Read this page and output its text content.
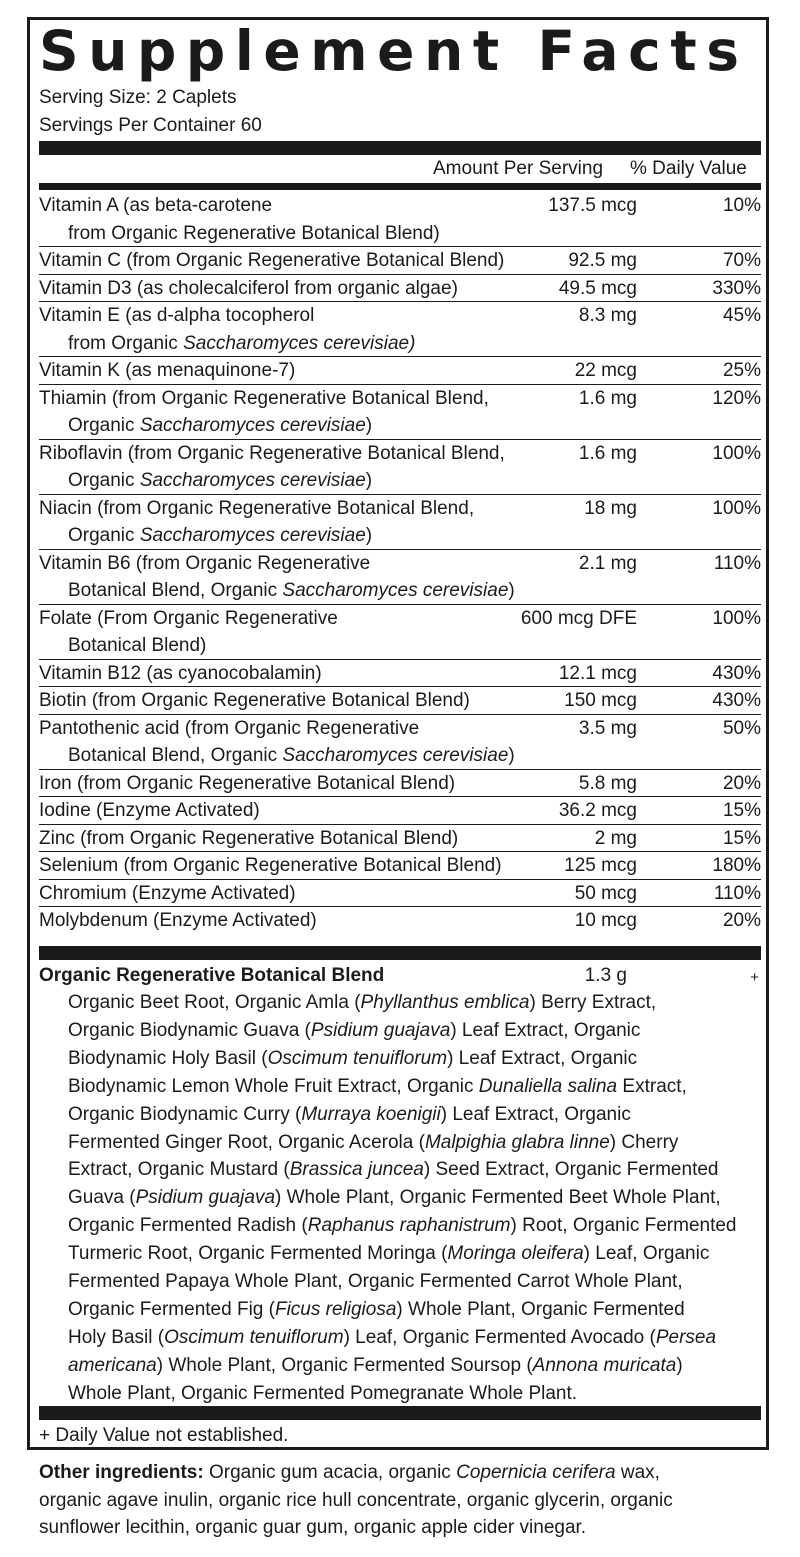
Supplement Facts
Serving Size: 2 Caplets
Servings Per Container 60
Amount Per Serving % Daily Value
Vitamin A (as beta-carotene
from Organic Regenerative Botanical Blend)
137.5 mcg	10%
Vitamin C (from Organic Regenerative Botanical Blend)	92.5 mg	70%
Vitamin D3 (as cholecalciferol from organic algae)	49.5 mcg	330%
Vitamin E (as d-alpha tocopherol
from Organic Saccharomyces cerevisiae)
8.3 mg	45%
Vitamin K (as menaquinone-7)	22 mcg	25%
Thiamin (from Organic Regenerative Botanical Blend,
Organic Saccharomyces cerevisiae)
1.6 mg	120%
Riboflavin (from Organic Regenerative Botanical Blend,
Organic Saccharomyces cerevisiae)
1.6 mg	100%
Niacin (from Organic Regenerative Botanical Blend,
Organic Saccharomyces cerevisiae)
18 mg	100%
Vitamin B6 (from Organic Regenerative
Botanical Blend, Organic Saccharomyces cerevisiae)
2.1 mg	110%
Folate (From Organic Regenerative
Botanical Blend)
600 mcg DFE	100%
Vitamin B12 (as cyanocobalamin)	12.1 mcg	430%
Biotin (from Organic Regenerative Botanical Blend)	150 mcg	430%
Pantothenic acid (from Organic Regenerative
Botanical Blend, Organic Saccharomyces cerevisiae)
3.5 mg	50%
Iron (from Organic Regenerative Botanical Blend)	5.8 mg	20%
Iodine (Enzyme Activated)	36.2 mcg	15%
Zinc (from Organic Regenerative Botanical Blend)	2 mg	15%
Selenium (from Organic Regenerative Botanical Blend)	125 mcg	180%
Chromium (Enzyme Activated)	50 mcg	110%
Molybdenum (Enzyme Activated)	10 mcg	20%
Organic Regenerative Botanical Blend	1.3 g	+
Organic Beet Root, Organic Amla (Phyllanthus emblica) Berry Extract,
Organic Biodynamic Guava (Psidium guajava) Leaf Extract, Organic
Biodynamic Holy Basil (Oscimum tenuiflorum) Leaf Extract, Organic
Biodynamic Lemon Whole Fruit Extract, Organic Dunaliella salina Extract,
Organic Biodynamic Curry (Murraya koenigii) Leaf Extract, Organic
Fermented Ginger Root, Organic Acerola (Malpighia glabra linne) Cherry
Extract, Organic Mustard (Brassica juncea) Seed Extract, Organic Fermented
Guava (Psidium guajava) Whole Plant, Organic Fermented Beet Whole Plant,
Organic Fermented Radish (Raphanus raphanistrum) Root, Organic Fermented
Turmeric Root, Organic Fermented Moringa (Moringa oleifera) Leaf, Organic
Fermented Papaya Whole Plant, Organic Fermented Carrot Whole Plant,
Organic Fermented Fig (Ficus religiosa) Whole Plant, Organic Fermented
Holy Basil (Oscimum tenuiflorum) Leaf, Organic Fermented Avocado (Persea
americana) Whole Plant, Organic Fermented Soursop (Annona muricata)
Whole Plant, Organic Fermented Pomegranate Whole Plant.
+ Daily Value not established.
Other ingredients: Organic gum acacia, organic Copernicia cerifera wax,
organic agave inulin, organic rice hull concentrate, organic glycerin, organic
sunflower lecithin, organic guar gum, organic apple cider vinegar.
